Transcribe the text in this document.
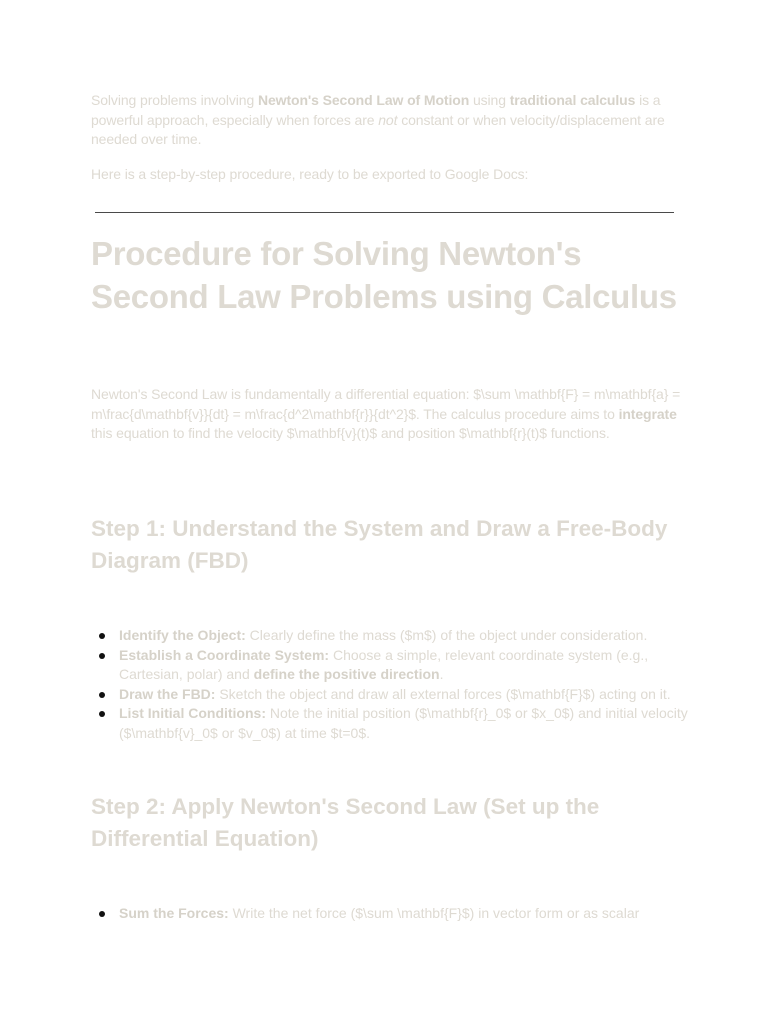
Solving problems involving Newton's Second Law of Motion using traditional calculus is a powerful approach, especially when forces are not constant or when velocity/displacement are needed over time.

Here is a step-by-step procedure, ready to be exported to Google Docs:

Procedure for Solving Newton's Second Law Problems using Calculus

Newton's Second Law is fundamentally a differential equation: $\sum \mathbf{F} = m\mathbf{a} = m\frac{d\mathbf{v}}{dt} = m\frac{d^2\mathbf{r}}{dt^2}$. The calculus procedure aims to integrate this equation to find the velocity $\mathbf{v}(t)$ and position $\mathbf{r}(t)$ functions.

Step 1: Understand the System and Draw a Free-Body Diagram (FBD)
Identify the Object: Clearly define the mass ($m$) of the object under consideration.
Establish a Coordinate System: Choose a simple, relevant coordinate system (e.g., Cartesian, polar) and define the positive direction.
Draw the FBD: Sketch the object and draw all external forces ($\mathbf{F}$) acting on it.
List Initial Conditions: Note the initial position ($\mathbf{r}_0$ or $x_0$) and initial velocity ($\mathbf{v}_0$ or $v_0$) at time $t=0$.
Step 2: Apply Newton's Second Law (Set up the Differential Equation)
Sum the Forces: Write the net force ($\sum \mathbf{F}$) in vector form or as scalar
